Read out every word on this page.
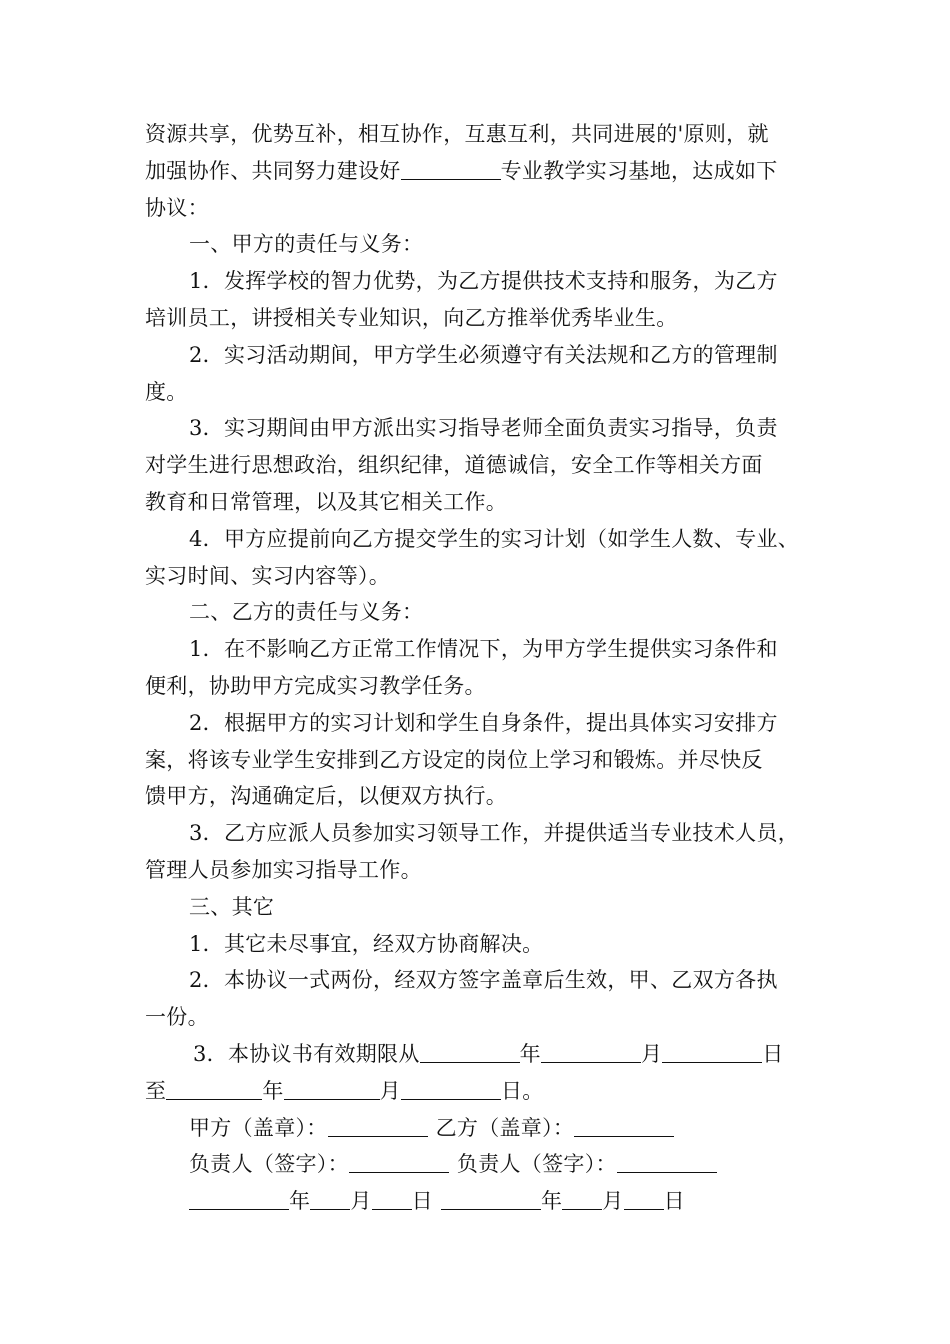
资源共享，优势互补，相互协作，互惠互利，共同进展的'原则，就
加强协作、共同努力建设好	专业教学实习基地，达成如下
协议：
一、甲方的责任与义务：
1．发挥学校的智力优势，为乙方提供技术支持和服务，为乙方
培训员工，讲授相关专业知识，向乙方推举优秀毕业生。
2．实习活动期间，甲方学生必须遵守有关法规和乙方的管理制
度。
3．实习期间由甲方派出实习指导老师全面负责实习指导，负责
对学生进行思想政治，组织纪律，道德诚信，安全工作等相关方面
教育和日常管理，以及其它相关工作。
4．甲方应提前向乙方提交学生的实习计划（如学生人数、专业、
实习时间、实习内容等）。
二、乙方的责任与义务：
1．在不影响乙方正常工作情况下，为甲方学生提供实习条件和
便利，协助甲方完成实习教学任务。
2．根据甲方的实习计划和学生自身条件，提出具体实习安排方
案，将该专业学生安排到乙方设定的岗位上学习和锻炼。并尽快反
馈甲方，沟通确定后，以便双方执行。
3．乙方应派人员参加实习领导工作，并提供适当专业技术人员，
管理人员参加实习指导工作。
三、其它
1．其它未尽事宜，经双方协商解决。
2．本协议一式两份，经双方签字盖章后生效，甲、乙双方各执
一份。
3．本协议书有效期限从	年	月	日
至	年	月	日。
甲方（盖章）：	乙方（盖章）：
负责人（签字）：	负责人（签字）：
年 月 日	年 月 日
